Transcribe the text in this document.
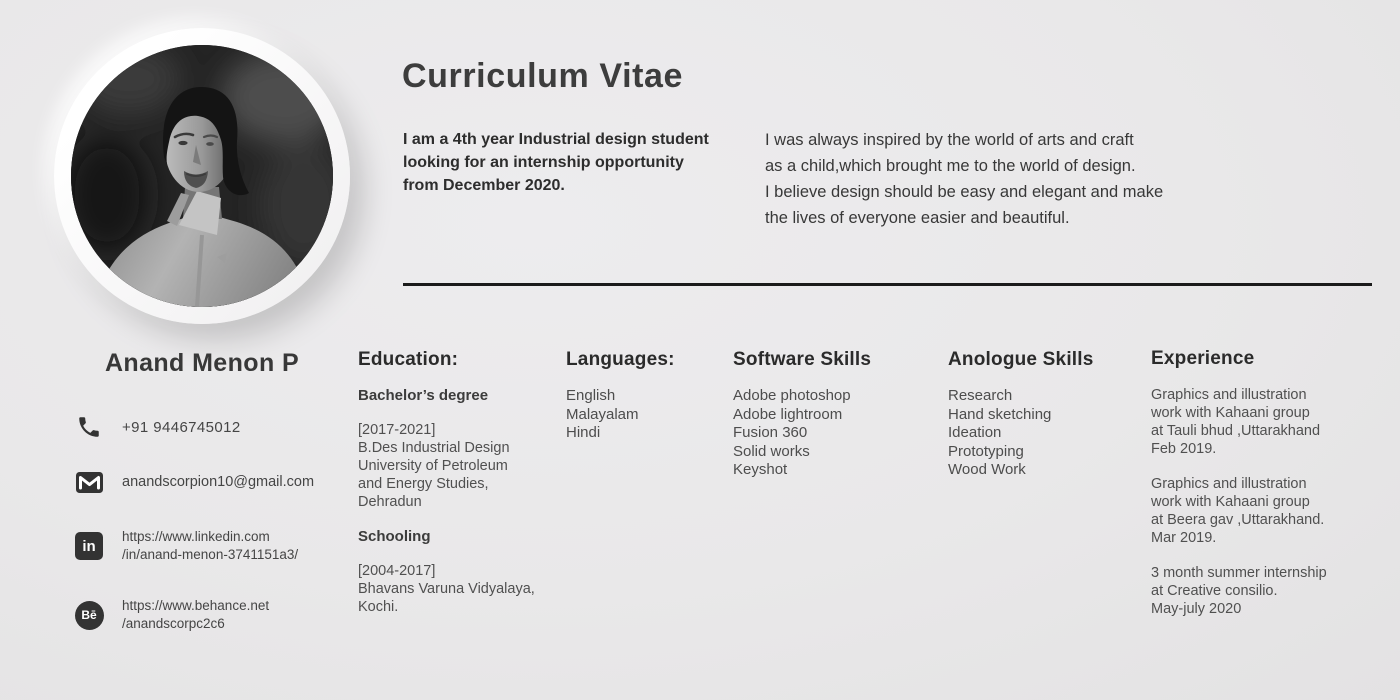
Anand Menon P
+91 9446745012
anandscorpion10@gmail.com
in
https://www.linkedin.com
/in/anand-menon-3741151a3/
Bē
https://www.behance.net
/anandscorpc2c6
Curriculum Vitae
I am a 4th year Industrial design student
looking for an internship opportunity
from December 2020.
I was always inspired by the world of arts and craft
as a child,which brought me to the world of design.
I believe design should be easy and elegant and make
the lives of everyone easier and beautiful.
Education:
Bachelor’s degree
[2017-2021]
B.Des Industrial Design
University of Petroleum
and Energy Studies,
Dehradun
Schooling
[2004-2017]
Bhavans Varuna Vidyalaya,
Kochi.
Languages:
English
Malayalam
Hindi
Software Skills
Adobe photoshop
Adobe lightroom
Fusion 360
Solid works
Keyshot
Anologue Skills
Research
Hand sketching
Ideation
Prototyping
Wood Work
Experience
Graphics and illustration
work with Kahaani group
at Tauli bhud ,Uttarakhand
Feb 2019.
Graphics and illustration
work with Kahaani group
at Beera gav ,Uttarakhand.
Mar 2019.
3 month summer internship
at Creative consilio.
May-july 2020
